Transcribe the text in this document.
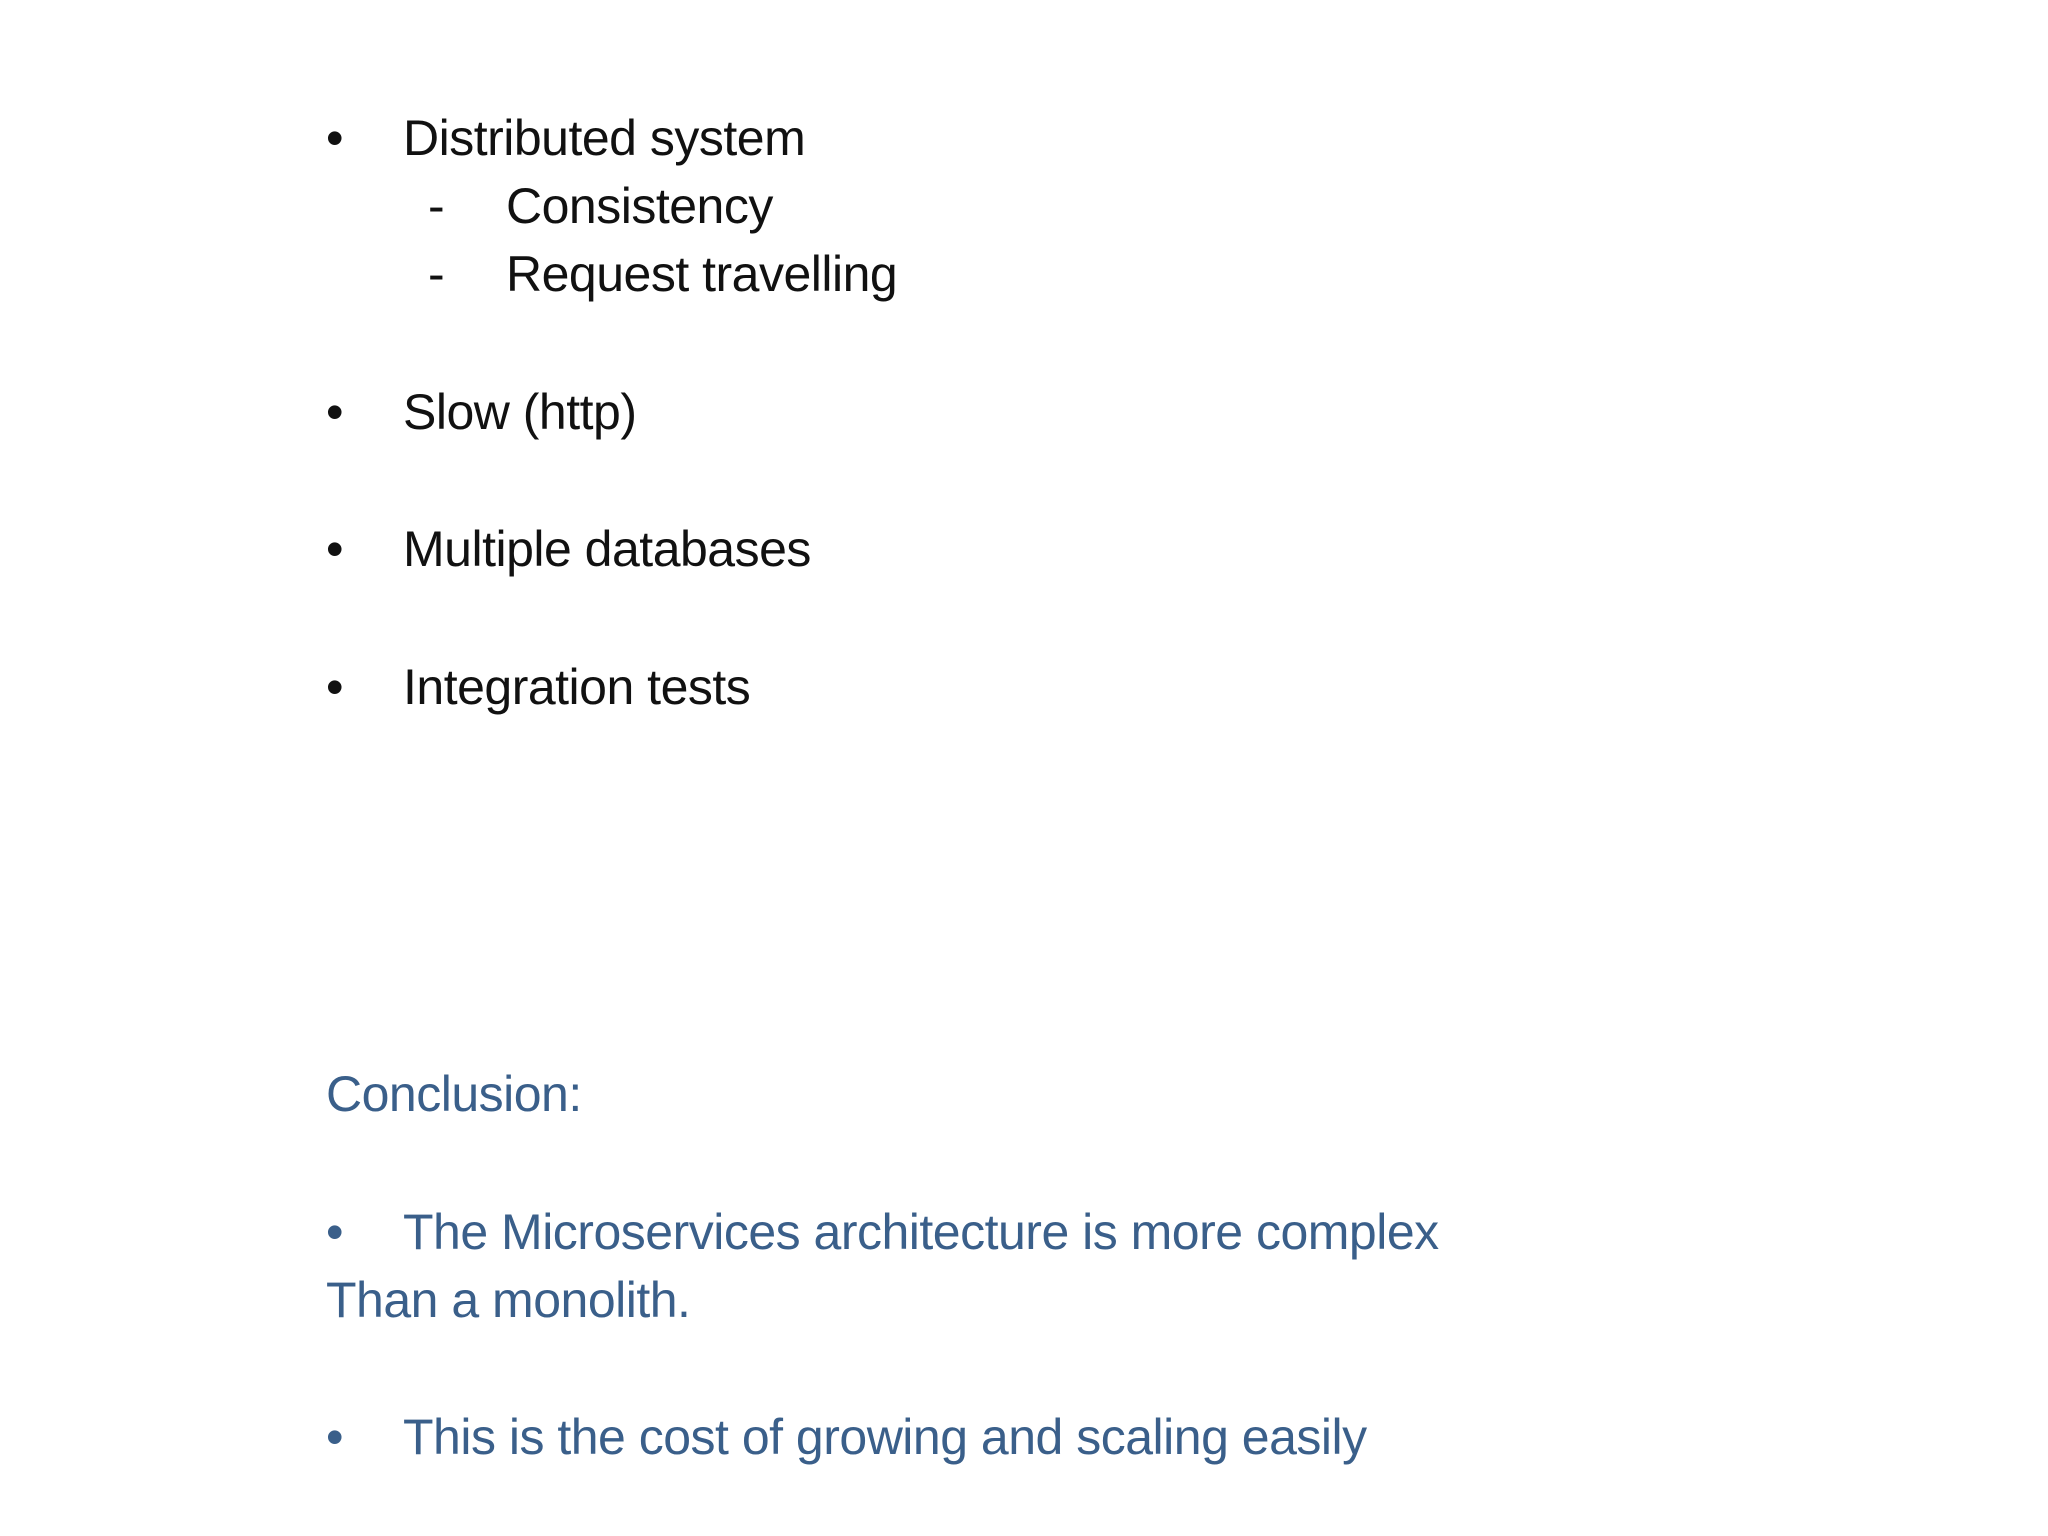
• Distributed system
- Consistency
- Request travelling
• Slow (http)
• Multiple databases
• Integration tests
Conclusion:
• The Microservices architecture is more complex
Than a monolith.
• This is the cost of growing and scaling easily
